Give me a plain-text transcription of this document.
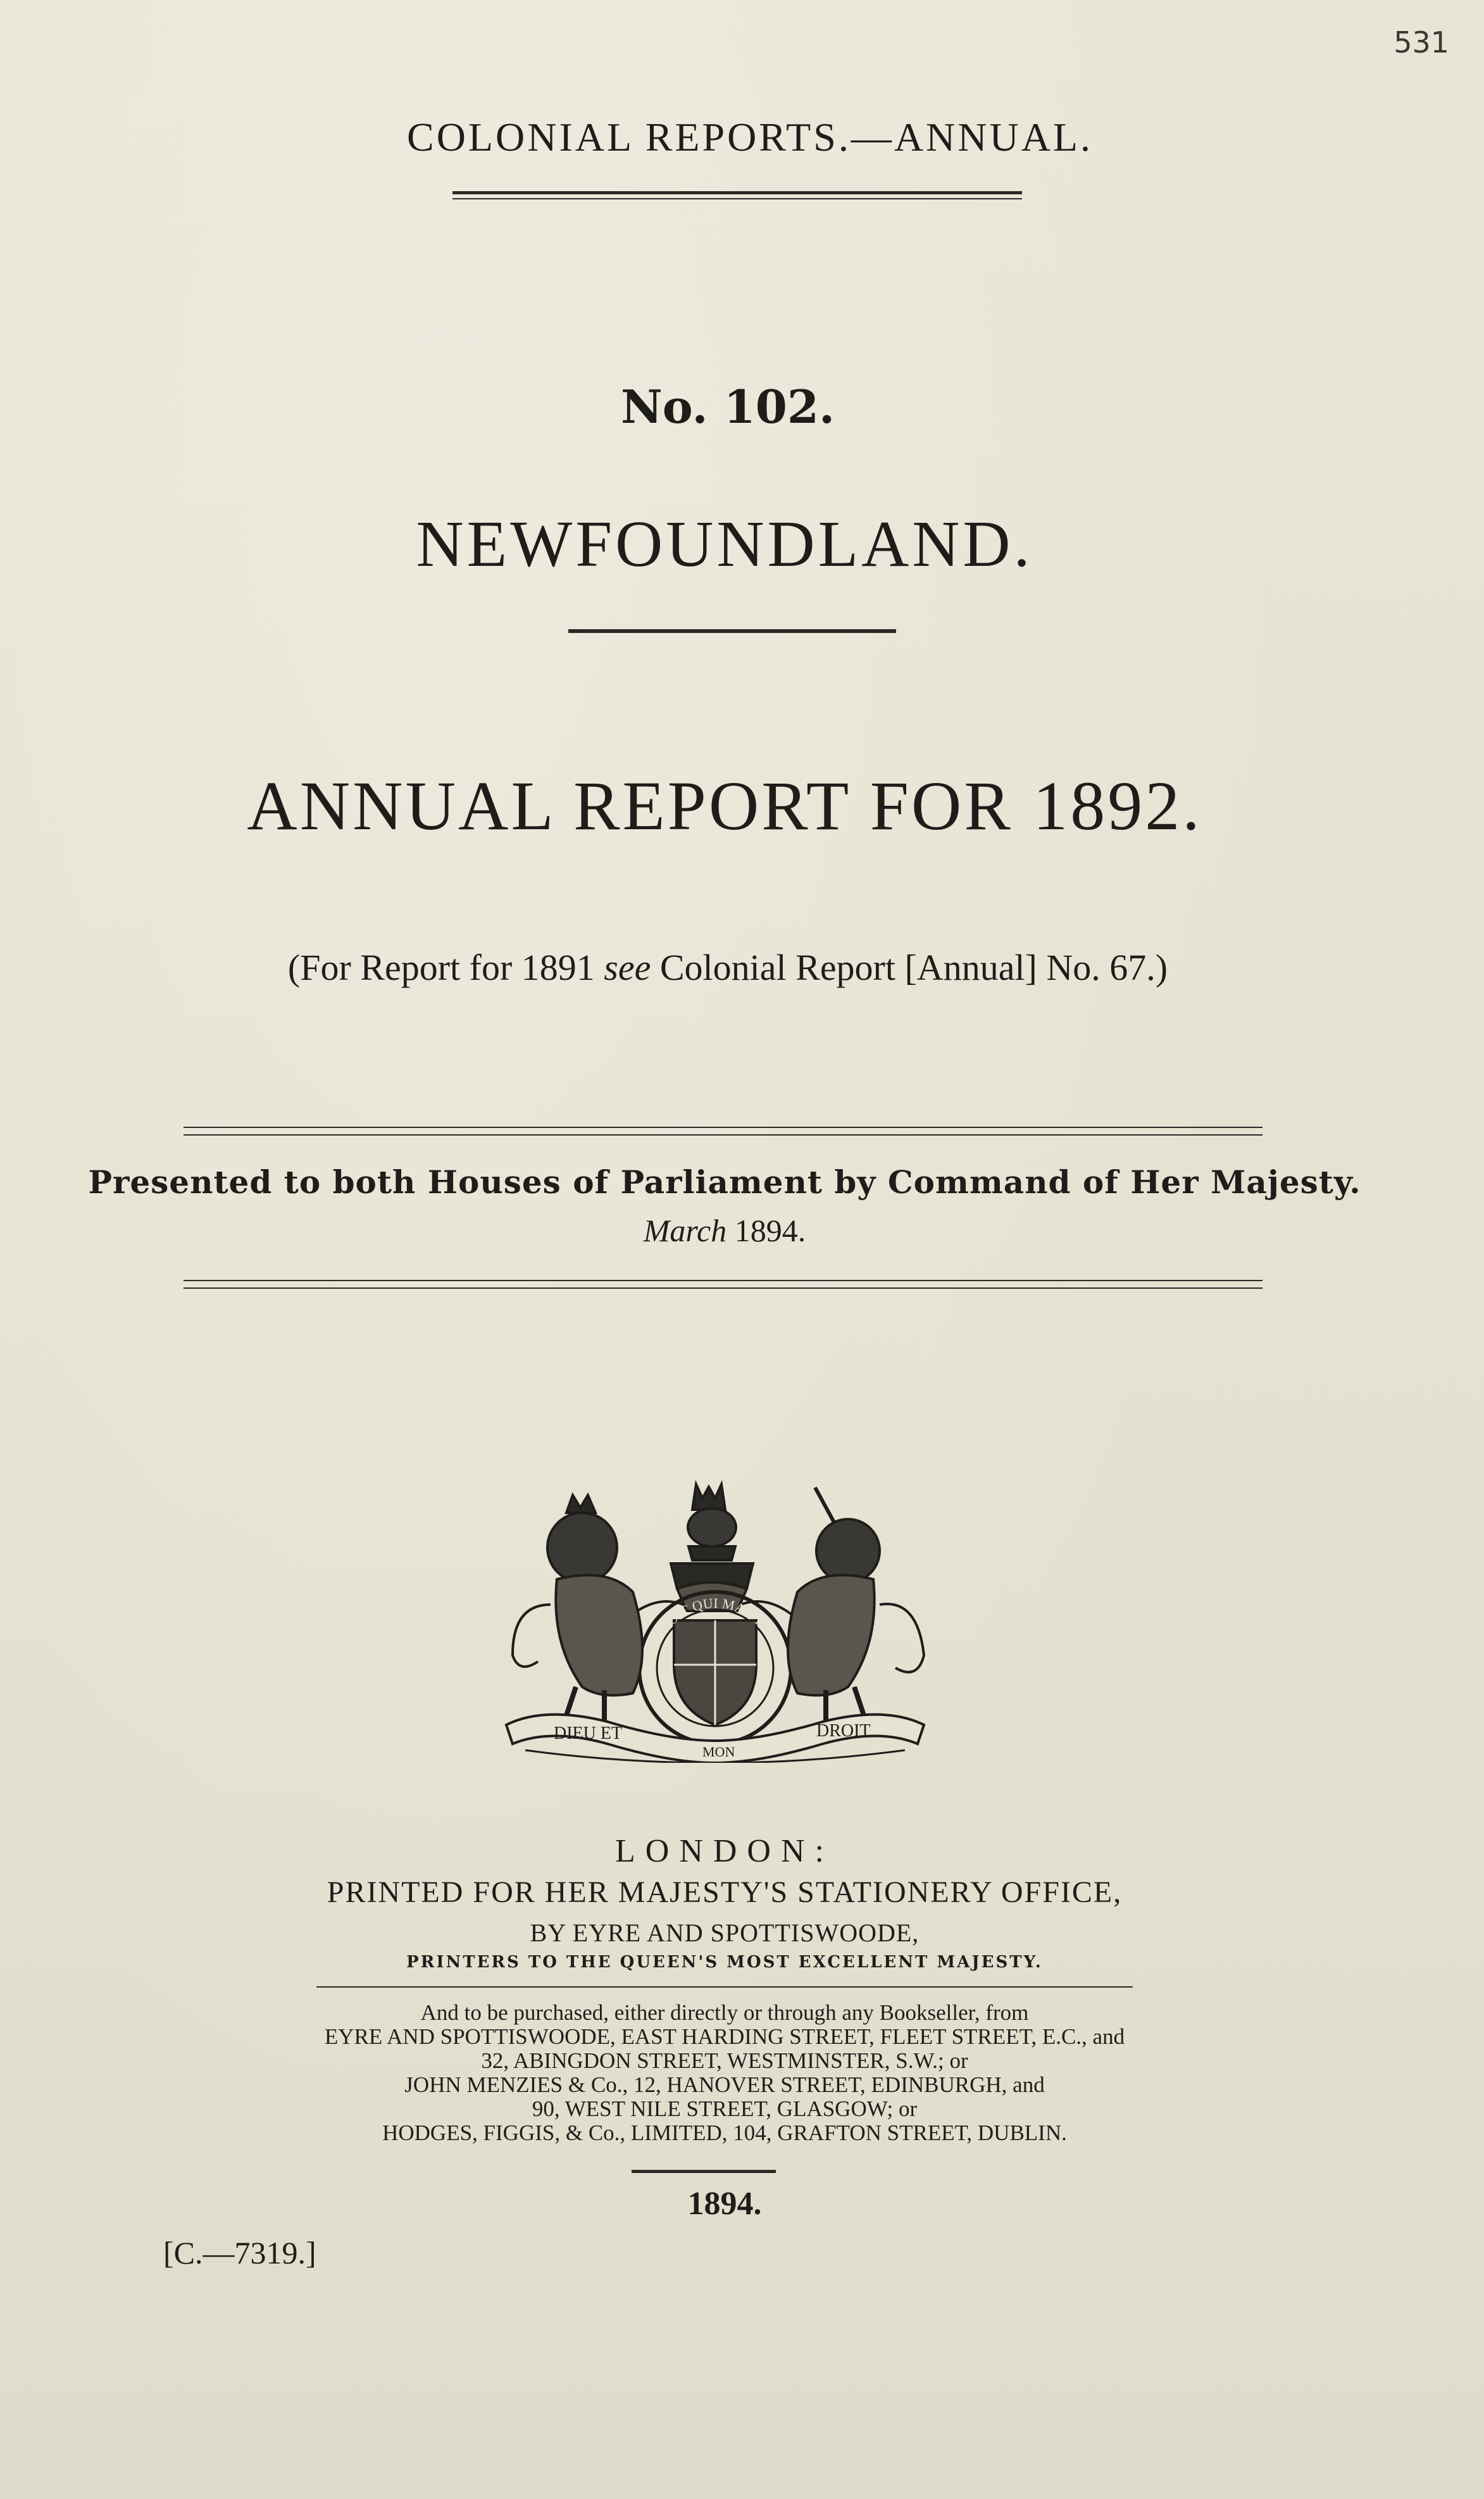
531
COLONIAL REPORTS.—ANNUAL.
No. 102.
NEWFOUNDLAND.
ANNUAL REPORT FOR 1892.
(For Report for 1891 see Colonial Report [Annual] No. 67.)
Presented to both Houses of Parliament by Command of Her Majesty.
March 1894.
DIEU ET
MON
DROIT
HONI SOIT QUI MAL Y PENSE
LONDON:
PRINTED FOR HER MAJESTY'S STATIONERY OFFICE,
BY EYRE AND SPOTTISWOODE,
PRINTERS TO THE QUEEN'S MOST EXCELLENT MAJESTY.
And to be purchased, either directly or through any Bookseller, from
EYRE AND SPOTTISWOODE, EAST HARDING STREET, FLEET STREET, E.C., and
32, ABINGDON STREET, WESTMINSTER, S.W.; or
JOHN MENZIES & Co., 12, HANOVER STREET, EDINBURGH, and
90, WEST NILE STREET, GLASGOW; or
HODGES, FIGGIS, & Co., LIMITED, 104, GRAFTON STREET, DUBLIN.
1894.
[C.—7319.]
